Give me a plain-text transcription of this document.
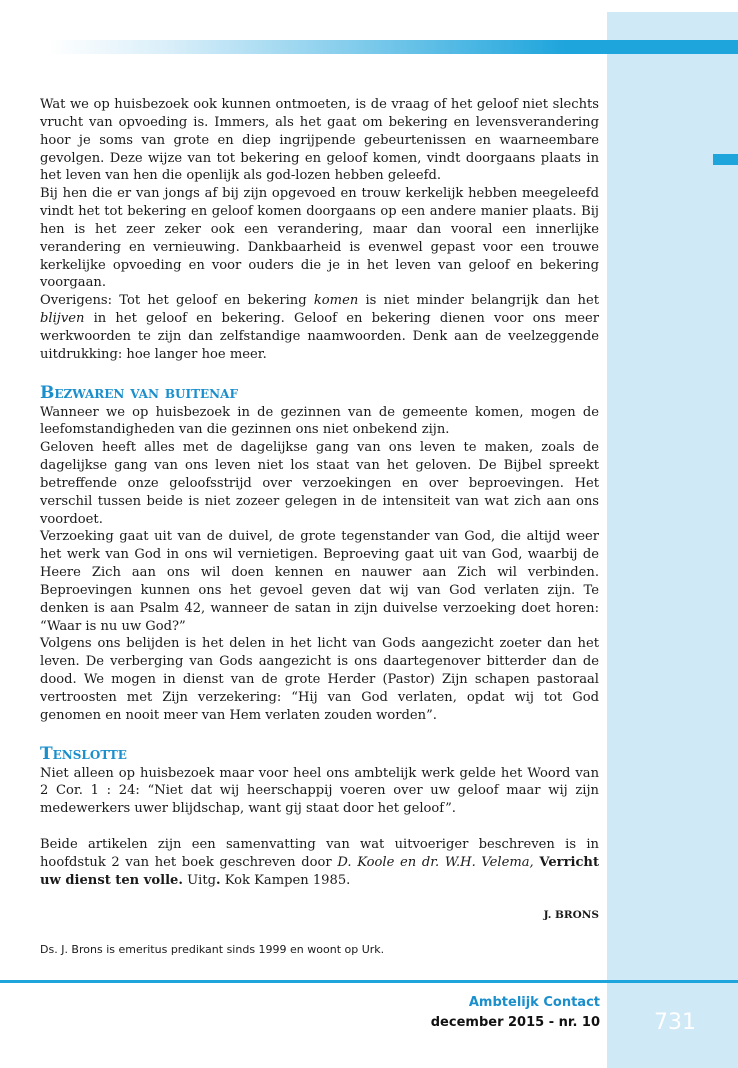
Wat we op huisbezoek ook kunnen ontmoeten, is de vraag of het geloof niet slechts vrucht van opvoeding is. Immers, als het gaat om bekering en levensverandering hoor je soms van grote en diep ingrijpende gebeurtenissen en waarneembare gevolgen. Deze wijze van tot bekering en geloof komen, vindt doorgaans plaats in het leven van hen die openlijk als god-lozen hebben geleefd.

Bij hen die er van jongs af bij zijn opgevoed en trouw kerkelijk hebben meegeleefd vindt het tot bekering en geloof komen doorgaans op een andere manier plaats. Bij hen is het zeer zeker ook een verandering, maar dan vooral een innerlijke verandering en vernieuwing. Dankbaarheid is evenwel gepast voor een trouwe kerkelijke opvoeding en voor ouders die je in het leven van geloof en bekering voorgaan.

Overigens: Tot het geloof en bekering komen is niet minder belangrijk dan het blijven in het geloof en bekering. Geloof en bekering dienen voor ons meer werkwoorden te zijn dan zelfstandige naamwoorden. Denk aan de veelzeggende uitdrukking: hoe langer hoe meer.

Bezwaren van buitenaf

Wanneer we op huisbezoek in de gezinnen van de gemeente komen, mogen de leefomstandigheden van die gezinnen ons niet onbekend zijn.

Geloven heeft alles met de dagelijkse gang van ons leven te maken, zoals de dagelijkse gang van ons leven niet los staat van het geloven. De Bijbel spreekt betreffende onze geloofsstrijd over verzoekingen en over beproevingen. Het verschil tussen beide is niet zozeer gelegen in de intensiteit van wat zich aan ons voordoet.

Verzoeking gaat uit van de duivel, de grote tegenstander van God, die altijd weer het werk van God in ons wil vernietigen. Beproeving gaat uit van God, waarbij de Heere Zich aan ons wil doen kennen en nauwer aan Zich wil verbinden. Beproevingen kunnen ons het gevoel geven dat wij van God verlaten zijn. Te denken is aan Psalm 42, wanneer de satan in zijn duivelse verzoeking doet horen: “Waar is nu uw God?”

Volgens ons belijden is het delen in het licht van Gods aangezicht zoeter dan het leven. De verberging van Gods aangezicht is ons daartegenover bitterder dan de dood. We mogen in dienst van de grote Herder (Pastor) Zijn schapen pastoraal vertroosten met Zijn verzekering: “Hij van God verlaten, opdat wij tot God genomen en nooit meer van Hem verlaten zouden worden”.

Tenslotte

Niet alleen op huisbezoek maar voor heel ons ambtelijk werk gelde het Woord van 2 Cor. 1 : 24: “Niet dat wij heerschappij voeren over uw geloof maar wij zijn medewerkers uwer blijdschap, want gij staat door het geloof”.

Beide artikelen zijn een samenvatting van wat uitvoeriger beschreven is in hoofdstuk 2 van het boek geschreven door D. Koole en dr. W.H. Velema, Verricht uw dienst ten volle. Uitg. Kok Kampen 1985.

J. BRONS
Ds. J. Brons is emeritus predikant sinds 1999 en woont op Urk.
Ambtelijk Contact
december 2015 - nr. 10	731
